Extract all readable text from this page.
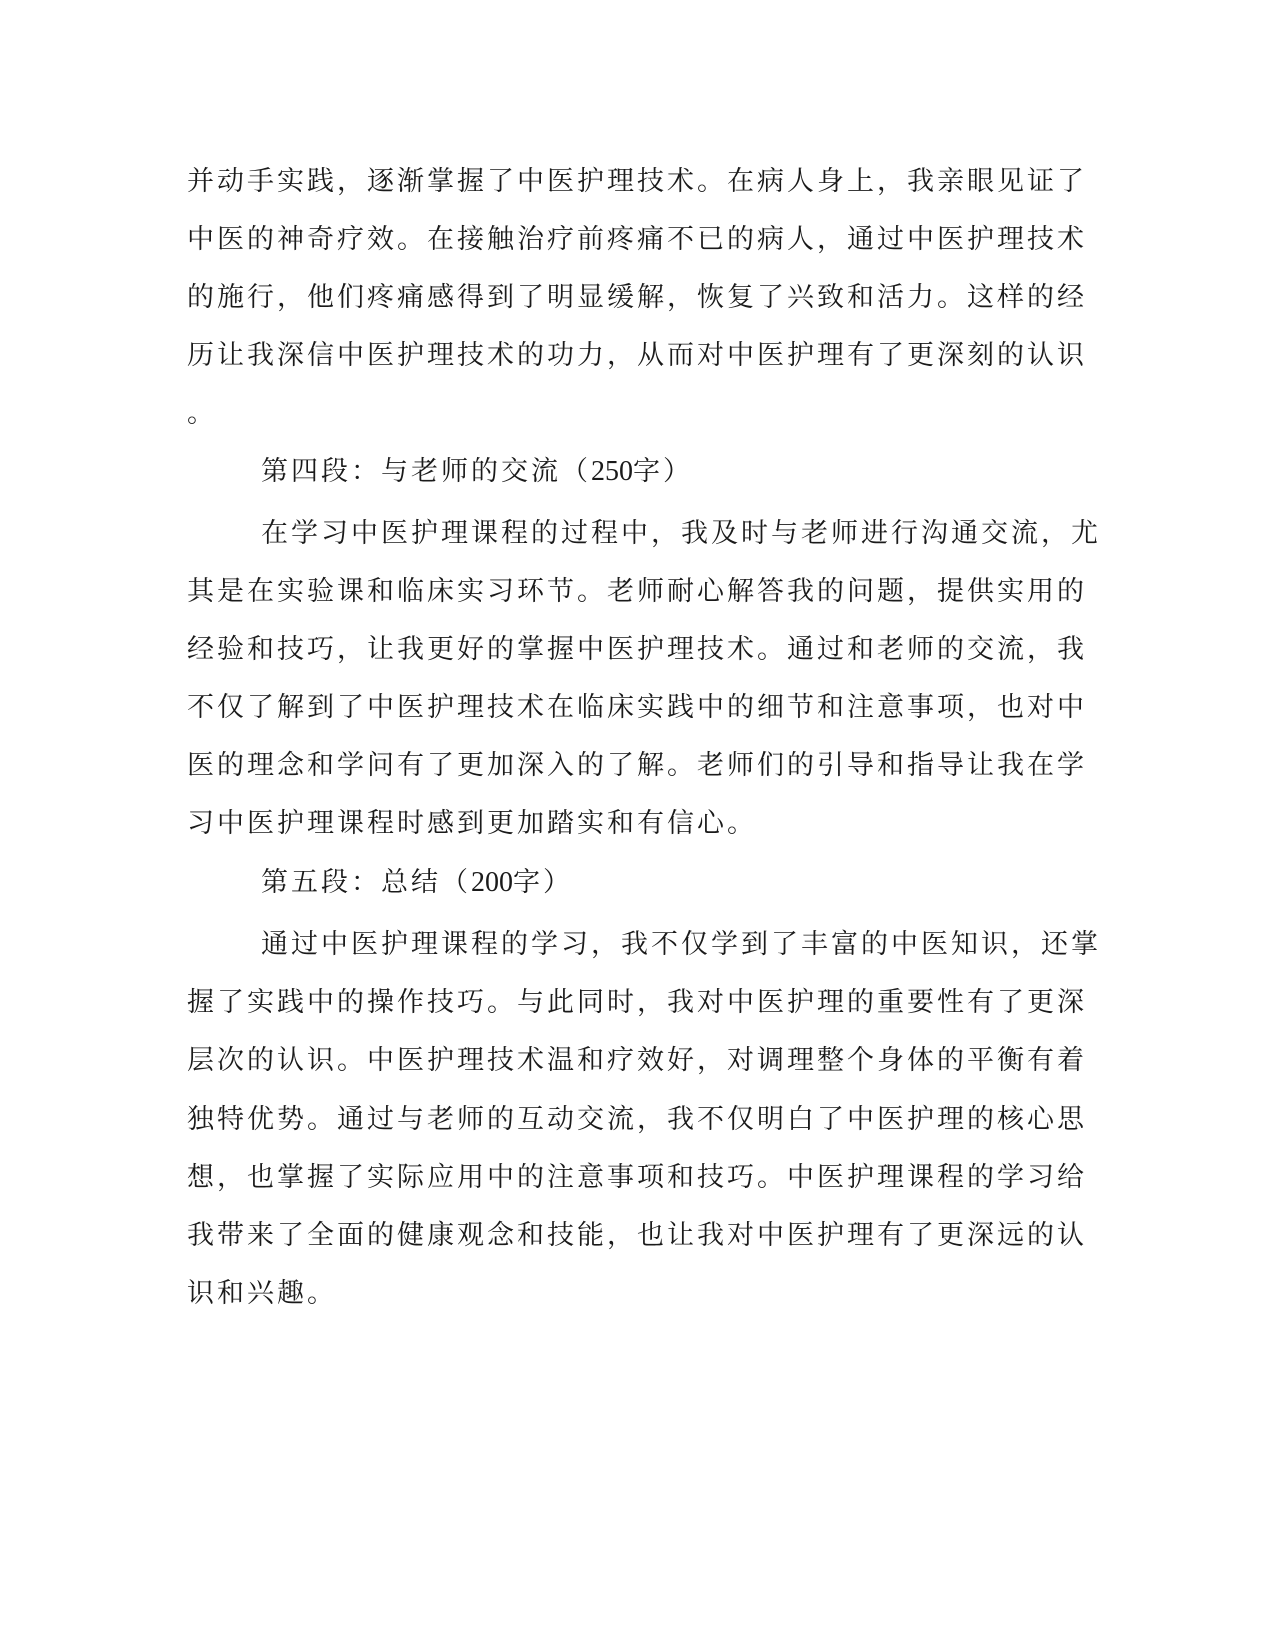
并动手实践，逐渐掌握了中医护理技术。在病人身上，我亲眼见证了
中医的神奇疗效。在接触治疗前疼痛不已的病人，通过中医护理技术
的施行，他们疼痛感得到了明显缓解，恢复了兴致和活力。这样的经
历让我深信中医护理技术的功力，从而对中医护理有了更深刻的认识
。
第四段：与老师的交流（250字）
在学习中医护理课程的过程中，我及时与老师进行沟通交流，尤
其是在实验课和临床实习环节。老师耐心解答我的问题，提供实用的
经验和技巧，让我更好的掌握中医护理技术。通过和老师的交流，我
不仅了解到了中医护理技术在临床实践中的细节和注意事项，也对中
医的理念和学问有了更加深入的了解。老师们的引导和指导让我在学
习中医护理课程时感到更加踏实和有信心。
第五段：总结（200字）
通过中医护理课程的学习，我不仅学到了丰富的中医知识，还掌
握了实践中的操作技巧。与此同时，我对中医护理的重要性有了更深
层次的认识。中医护理技术温和疗效好，对调理整个身体的平衡有着
独特优势。通过与老师的互动交流，我不仅明白了中医护理的核心思
想，也掌握了实际应用中的注意事项和技巧。中医护理课程的学习给
我带来了全面的健康观念和技能，也让我对中医护理有了更深远的认
识和兴趣。
